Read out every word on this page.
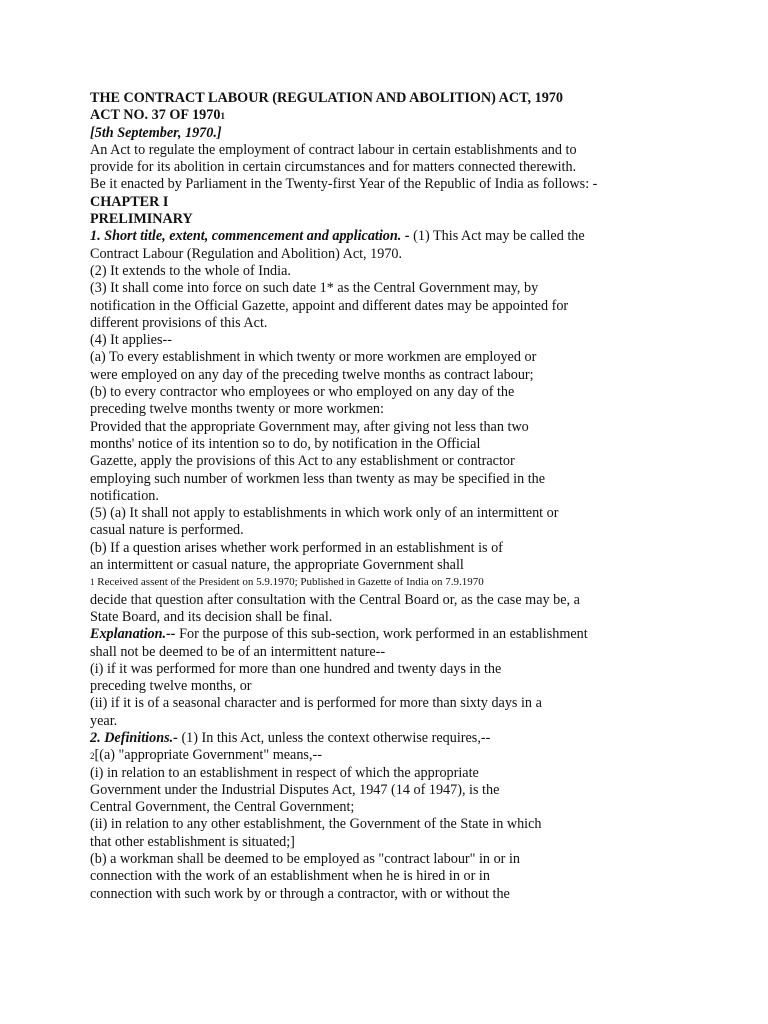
THE CONTRACT LABOUR (REGULATION AND ABOLITION) ACT, 1970
ACT NO. 37 OF 19701
[5th September, 1970.]
An Act to regulate the employment of contract labour in certain establishments and to
provide for its abolition in certain circumstances and for matters connected therewith.
Be it enacted by Parliament in the Twenty-first Year of the Republic of India as follows: -
CHAPTER I
PRELIMINARY
1. Short title, extent, commencement and application. - (1) This Act may be called the
Contract Labour (Regulation and Abolition) Act, 1970.
(2) It extends to the whole of India.
(3) It shall come into force on such date 1* as the Central Government may, by
notification in the Official Gazette, appoint and different dates may be appointed for
different provisions of this Act.
(4) It applies--
(a) To every establishment in which twenty or more workmen are employed or
were employed on any day of the preceding twelve months as contract labour;
(b) to every contractor who employees or who employed on any day of the
preceding twelve months twenty or more workmen:
Provided that the appropriate Government may, after giving not less than two
months' notice of its intention so to do, by notification in the Official
Gazette, apply the provisions of this Act to any establishment or contractor
employing such number of workmen less than twenty as may be specified in the
notification.
(5) (a) It shall not apply to establishments in which work only of an intermittent or
casual nature is performed.
(b) If a question arises whether work performed in an establishment is of
an intermittent or casual nature, the appropriate Government shall
1 Received assent of the President on 5.9.1970; Published in Gazette of India on 7.9.1970
decide that question after consultation with the Central Board or, as the case may be, a
State Board, and its decision shall be final.
Explanation.-- For the purpose of this sub-section, work performed in an establishment
shall not be deemed to be of an intermittent nature--
(i) if it was performed for more than one hundred and twenty days in the
preceding twelve months, or
(ii) if it is of a seasonal character and is performed for more than sixty days in a
year.
2. Definitions.- (1) In this Act, unless the context otherwise requires,--
2[(a) "appropriate Government" means,--
(i) in relation to an establishment in respect of which the appropriate
Government under the Industrial Disputes Act, 1947 (14 of 1947), is the
Central Government, the Central Government;
(ii) in relation to any other establishment, the Government of the State in which
that other establishment is situated;]
(b) a workman shall be deemed to be employed as "contract labour" in or in
connection with the work of an establishment when he is hired in or in
connection with such work by or through a contractor, with or without the
